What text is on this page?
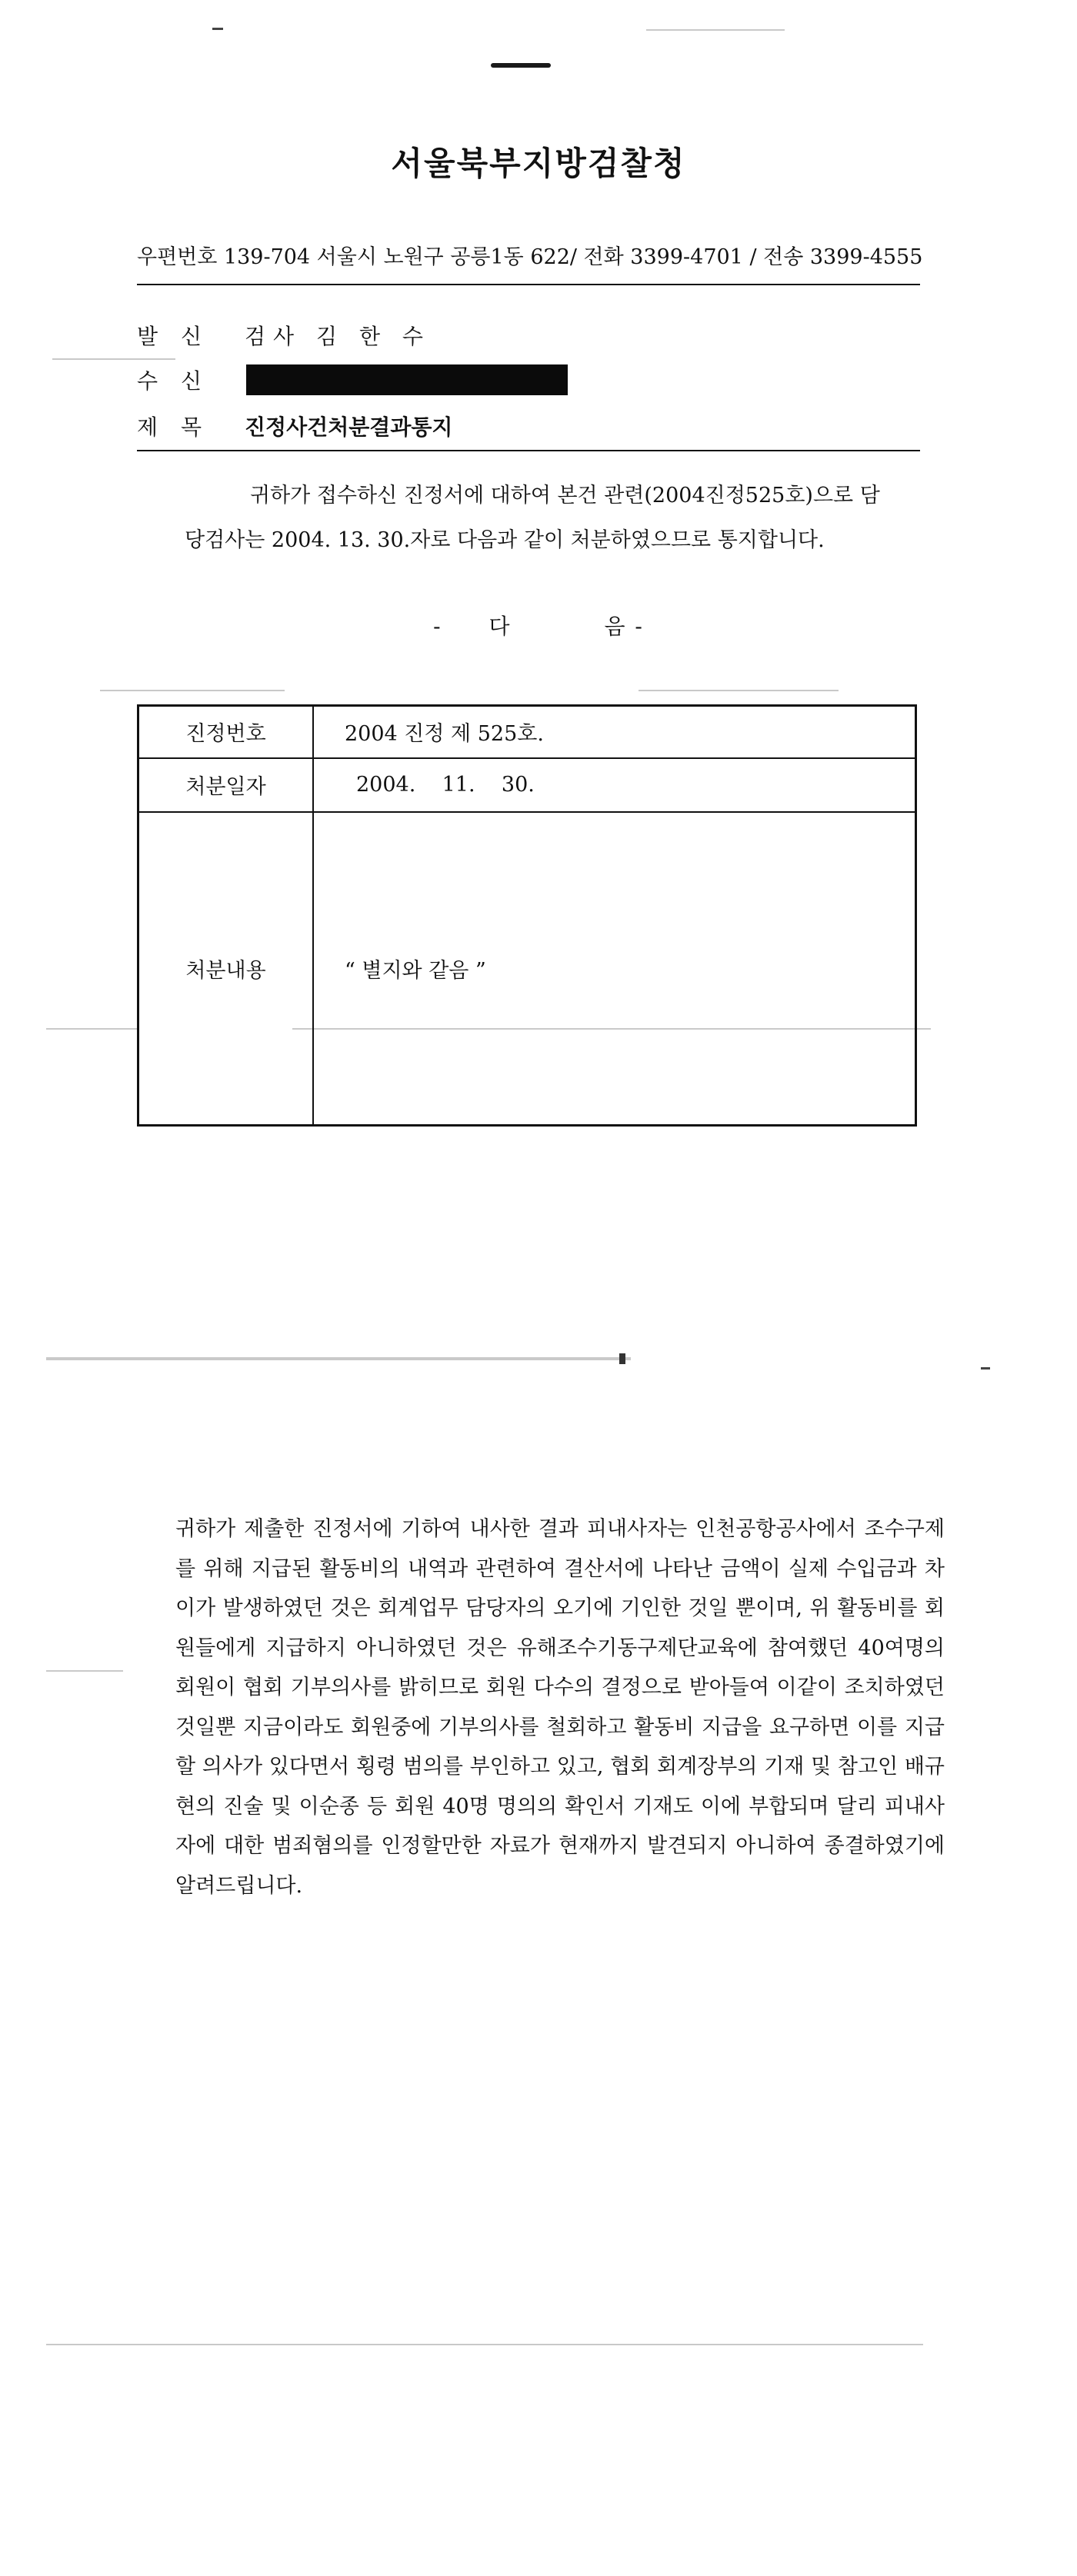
서울북부지방검찰청
우편번호 139-704 서울시 노원구 공릉1동 622/ 전화 3399-4701 / 전송 3399-4555
발신 검사 김 한 수
수신
제목 진정사건처분결과통지
귀하가 접수하신 진정서에 대하여 본건 관련(2004진정525호)으로 담
당검사는 2004. 13. 30.자로 다음과 같이 처분하였으므로 통지합니다.
- 다	음 -
진정번호	2004 진정 제 525호.
처분일자	2004.    11.    30.
처분내용	“ 별지와 같음 ”

귀하가 제출한 진정서에 기하여 내사한 결과 피내사자는 인천공항공사에서 조수구제를 위해 지급된 활동비의 내역과 관련하여 결산서에 나타난 금액이 실제 수입금과 차이가 발생하였던 것은 회계업무 담당자의 오기에 기인한 것일 뿐이며, 위 활동비를 회원들에게 지급하지 아니하였던 것은 유해조수기동구제단교육에 참여했던 40여명의 회원이 협회 기부의사를 밝히므로 회원 다수의 결정으로 받아들여 이같이 조치하였던 것일뿐 지금이라도 회원중에 기부의사를 철회하고 활동비 지급을 요구하면 이를 지급할 의사가 있다면서 횡령 범의를 부인하고 있고, 협회 회계장부의 기재 및 참고인 배규현의 진술 및 이순종 등 회원 40명 명의의 확인서 기재도 이에 부합되며 달리 피내사자에 대한 범죄혐의를 인정할만한 자료가 현재까지 발견되지 아니하여 종결하였기에 알려드립니다.
